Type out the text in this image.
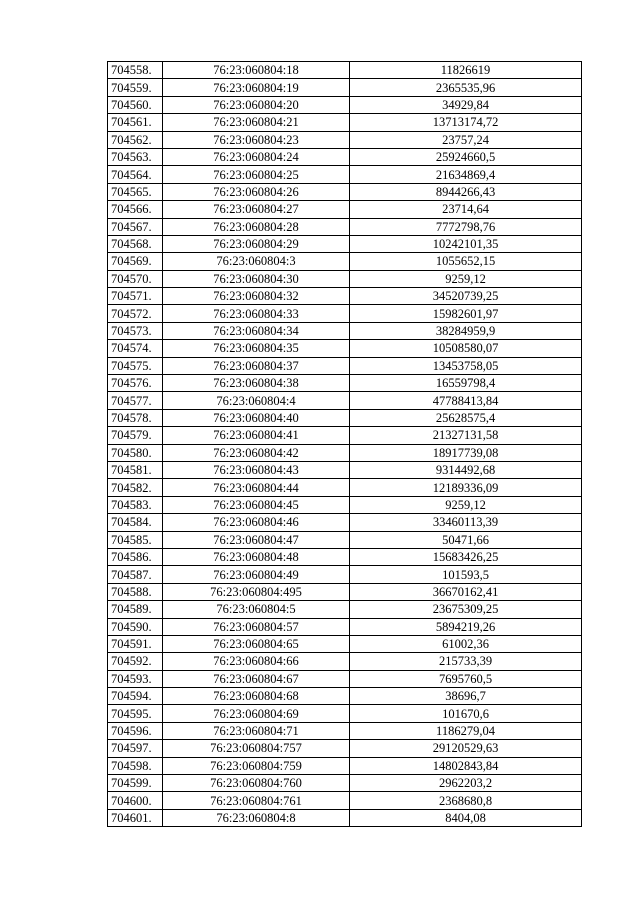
704558.	76:23:060804:18	11826619
704559.	76:23:060804:19	2365535,96
704560.	76:23:060804:20	34929,84
704561.	76:23:060804:21	13713174,72
704562.	76:23:060804:23	23757,24
704563.	76:23:060804:24	25924660,5
704564.	76:23:060804:25	21634869,4
704565.	76:23:060804:26	8944266,43
704566.	76:23:060804:27	23714,64
704567.	76:23:060804:28	7772798,76
704568.	76:23:060804:29	10242101,35
704569.	76:23:060804:3	1055652,15
704570.	76:23:060804:30	9259,12
704571.	76:23:060804:32	34520739,25
704572.	76:23:060804:33	15982601,97
704573.	76:23:060804:34	38284959,9
704574.	76:23:060804:35	10508580,07
704575.	76:23:060804:37	13453758,05
704576.	76:23:060804:38	16559798,4
704577.	76:23:060804:4	47788413,84
704578.	76:23:060804:40	25628575,4
704579.	76:23:060804:41	21327131,58
704580.	76:23:060804:42	18917739,08
704581.	76:23:060804:43	9314492,68
704582.	76:23:060804:44	12189336,09
704583.	76:23:060804:45	9259,12
704584.	76:23:060804:46	33460113,39
704585.	76:23:060804:47	50471,66
704586.	76:23:060804:48	15683426,25
704587.	76:23:060804:49	101593,5
704588.	76:23:060804:495	36670162,41
704589.	76:23:060804:5	23675309,25
704590.	76:23:060804:57	5894219,26
704591.	76:23:060804:65	61002,36
704592.	76:23:060804:66	215733,39
704593.	76:23:060804:67	7695760,5
704594.	76:23:060804:68	38696,7
704595.	76:23:060804:69	101670,6
704596.	76:23:060804:71	1186279,04
704597.	76:23:060804:757	29120529,63
704598.	76:23:060804:759	14802843,84
704599.	76:23:060804:760	2962203,2
704600.	76:23:060804:761	2368680,8
704601.	76:23:060804:8	8404,08
